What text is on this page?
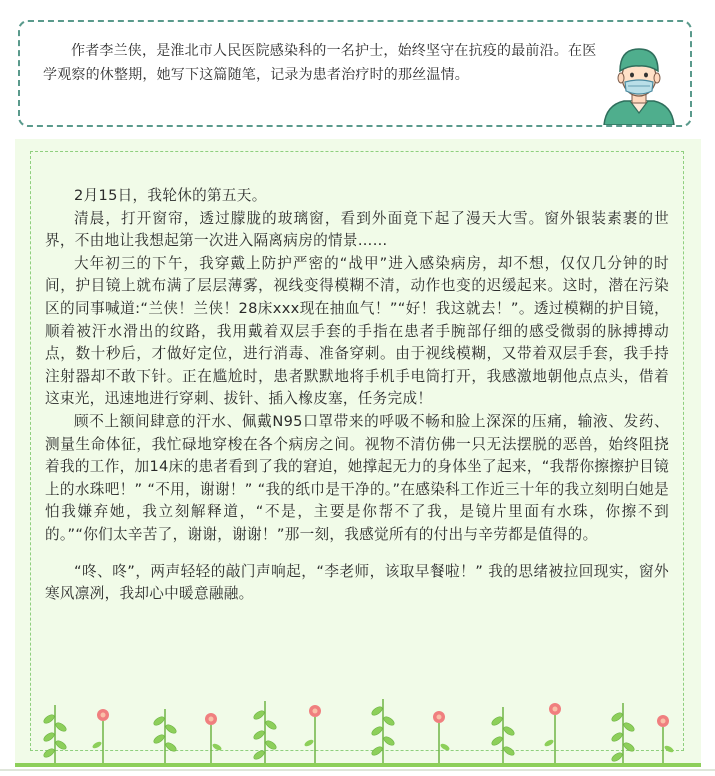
作者李兰侠，是淮北市人民医院感染科的一名护士，始终坚守在抗疫的最前沿。在医学观察的休整期，她写下这篇随笔，记录为患者治疗时的那丝温情。

2月15日，我轮休的第五天。

清晨，打开窗帘，透过朦胧的玻璃窗，看到外面竟下起了漫天大雪。窗外银装素裹的世界，不由地让我想起第一次进入隔离病房的情景……

大年初三的下午，我穿戴上防护严密的“战甲”进入感染病房，却不想，仅仅几分钟的时间，护目镜上就布满了层层薄雾，视线变得模糊不清，动作也变的迟缓起来。这时，潜在污染区的同事喊道:“兰侠！兰侠！28床xxx现在抽血气！”“好！我这就去！”。透过模糊的护目镜，顺着被汗水滑出的纹路，我用戴着双层手套的手指在患者手腕部仔细的感受微弱的脉搏搏动点，数十秒后，才做好定位，进行消毒、准备穿刺。由于视线模糊，又带着双层手套，我手持注射器却不敢下针。正在尴尬时，患者默默地将手机手电筒打开，我感激地朝他点点头，借着这束光，迅速地进行穿刺、拔针、插入橡皮塞，任务完成！

顾不上额间肆意的汗水、佩戴N95口罩带来的呼吸不畅和脸上深深的压痛，输液、发药、测量生命体征，我忙碌地穿梭在各个病房之间。视物不清仿佛一只无法摆脱的恶兽，始终阻挠着我的工作，加14床的患者看到了我的窘迫，她撑起无力的身体坐了起来，“我帮你擦擦护目镜上的水珠吧！” “不用，谢谢！” “我的纸巾是干净的。”在感染科工作近三十年的我立刻明白她是怕我嫌弃她，我立刻解释道，“不是，主要是你帮不了我，是镜片里面有水珠，你擦不到的。”“你们太辛苦了，谢谢，谢谢！”那一刻，我感觉所有的付出与辛劳都是值得的。

“咚、咚”，两声轻轻的敲门声响起，“李老师，该取早餐啦！” 我的思绪被拉回现实，窗外寒风凛冽，我却心中暖意融融。
